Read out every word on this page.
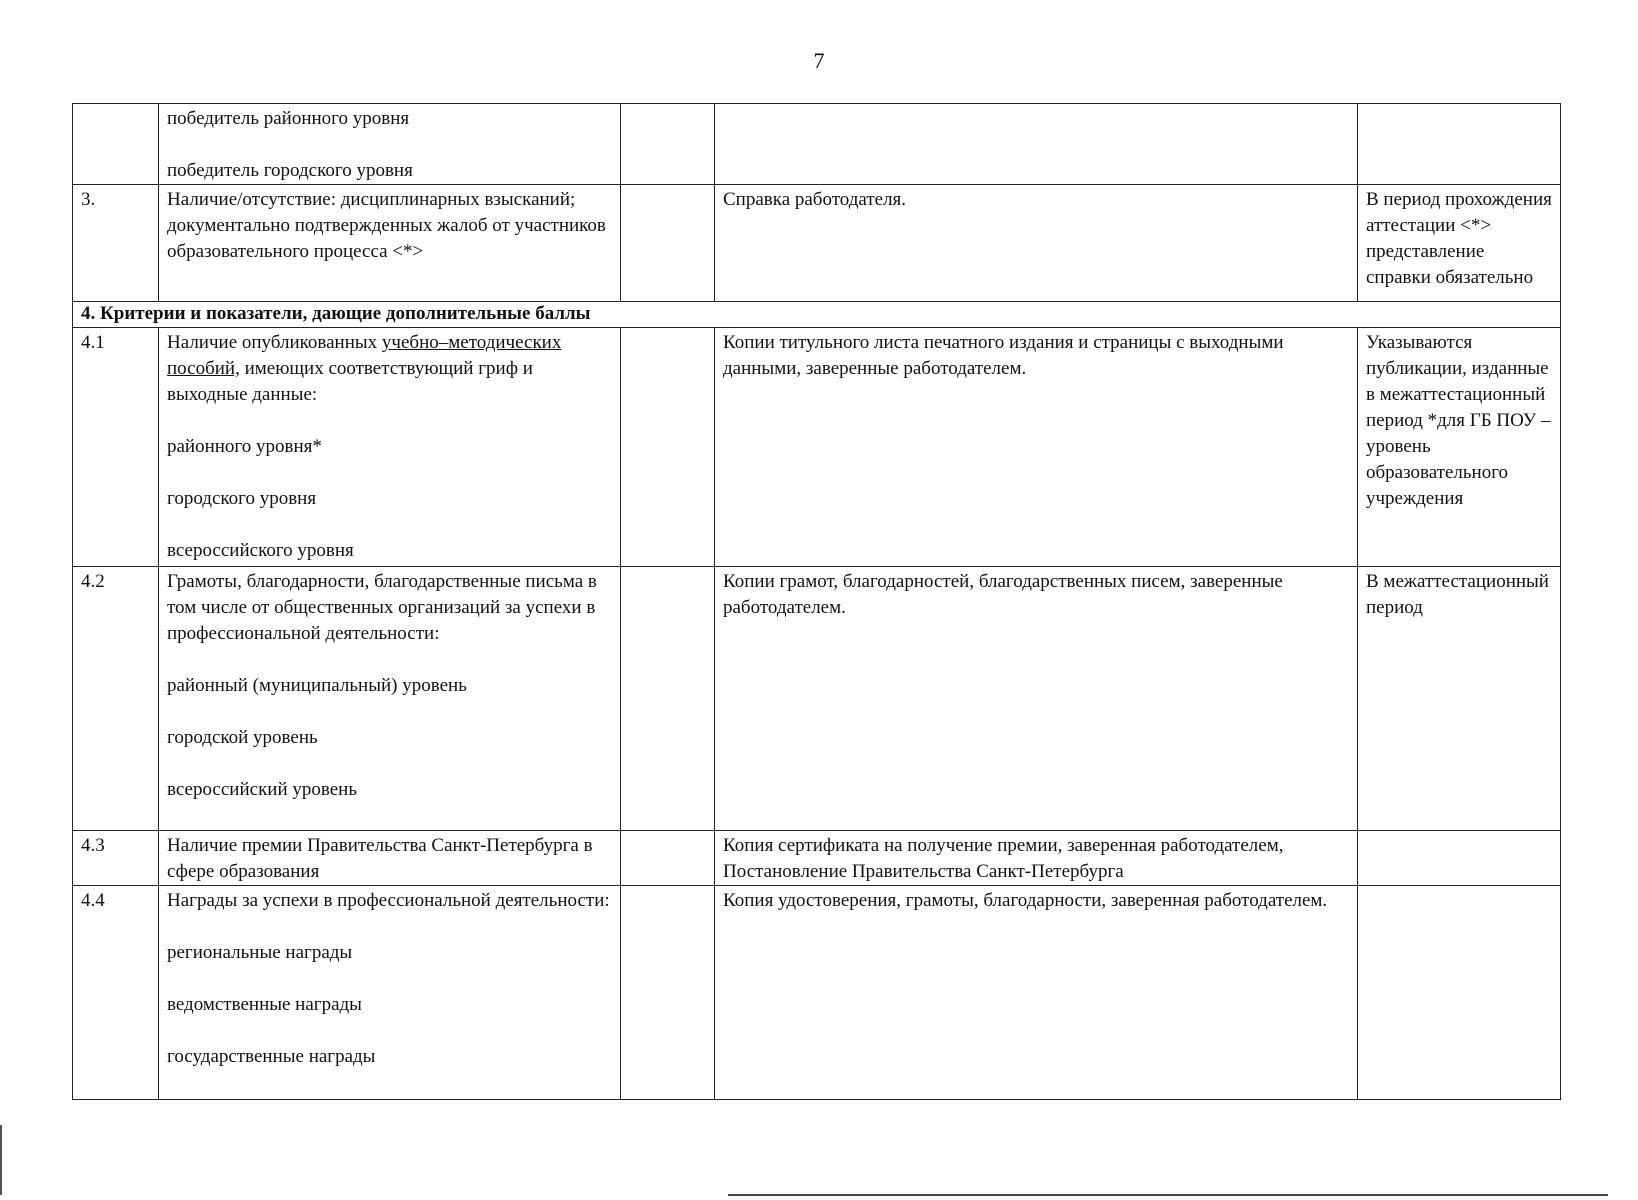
7
	победитель районного уровня
победитель городского уровня			
3.	Наличие/отсутствие: дисциплинарных взысканий; документально подтвержденных жалоб от участников образовательного процесса <*>		Справка работодателя.	В период прохождения аттестации <*> представление справки обязательно
4. Критерии и показатели, дающие дополнительные баллы				
4.1	Наличие опубликованных учебно–методических пособий, имеющих соответствующий гриф и выходные данные:
районного уровня*
городского уровня
всероссийского уровня		Копии титульного листа печатного издания и страницы с выходными данными, заверенные работодателем.	Указываются публикации, изданные в межаттестационный период *для ГБ ПОУ – уровень образовательного учреждения
4.2	Грамоты, благодарности, благодарственные письма в том числе от общественных организаций за успехи в профессиональной деятельности:
районный (муниципальный) уровень
городской уровень
всероссийский уровень		Копии грамот, благодарностей, благодарственных писем, заверенные работодателем.	В межаттестационный период
4.3	Наличие премии Правительства Санкт-Петербурга в сфере образования		Копия сертификата на получение премии, заверенная работодателем, Постановление Правительства Санкт-Петербурга	
4.4	Награды за успехи в профессиональной деятельности:
региональные награды
ведомственные награды
государственные награды		Копия удостоверения, грамоты, благодарности, заверенная работодателем.	
